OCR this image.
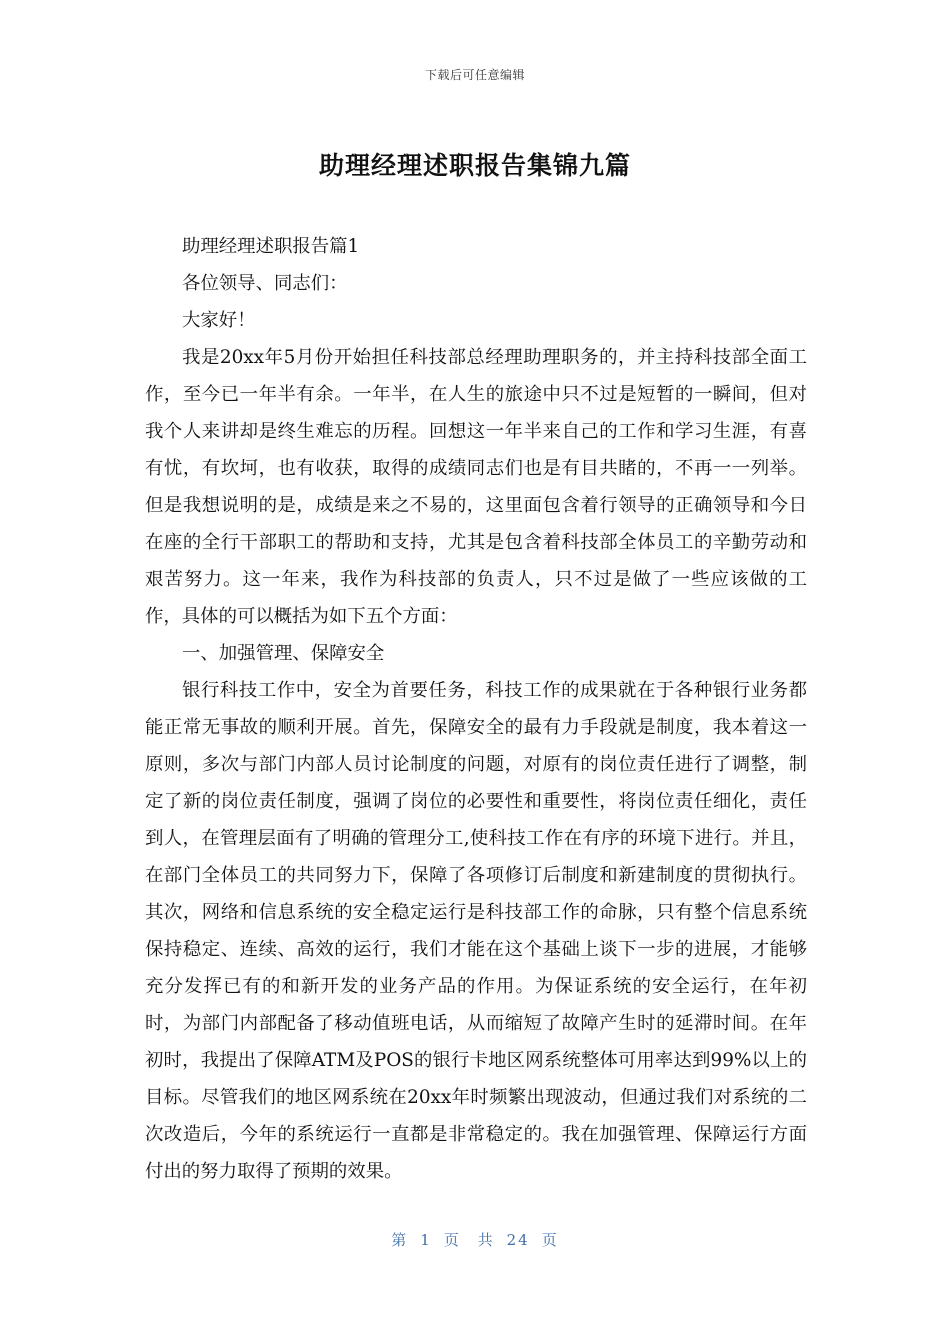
下载后可任意编辑
助理经理述职报告集锦九篇

助理经理述职报告篇1

各位领导、同志们：

大家好！

我是20xx年5月份开始担任科技部总经理助理职务的，并主持科技部全面工作，至今已一年半有余。一年半，在人生的旅途中只不过是短暂的一瞬间，但对我个人来讲却是终生难忘的历程。回想这一年半来自己的工作和学习生涯，有喜有忧，有坎坷，也有收获，取得的成绩同志们也是有目共睹的，不再一一列举。但是我想说明的是，成绩是来之不易的，这里面包含着行领导的正确领导和今日在座的全行干部职工的帮助和支持，尤其是包含着科技部全体员工的辛勤劳动和艰苦努力。这一年来，我作为科技部的负责人，只不过是做了一些应该做的工作，具体的可以概括为如下五个方面：

一、加强管理、保障安全

银行科技工作中，安全为首要任务，科技工作的成果就在于各种银行业务都能正常无事故的顺利开展。首先，保障安全的最有力手段就是制度，我本着这一原则，多次与部门内部人员讨论制度的问题，对原有的岗位责任进行了调整，制定了新的岗位责任制度，强调了岗位的必要性和重要性，将岗位责任细化，责任到人，在管理层面有了明确的管理分工,使科技工作在有序的环境下进行。并且，在部门全体员工的共同努力下，保障了各项修订后制度和新建制度的贯彻执行。其次，网络和信息系统的安全稳定运行是科技部工作的命脉，只有整个信息系统保持稳定、连续、高效的运行，我们才能在这个基础上谈下一步的进展，才能够充分发挥已有的和新开发的业务产品的作用。为保证系统的安全运行，在年初时，为部门内部配备了移动值班电话，从而缩短了故障产生时的延滞时间。在年初时，我提出了保障ATM及POS的银行卡地区网系统整体可用率达到99%以上的目标。尽管我们的地区网系统在20xx年时频繁出现波动，但通过我们对系统的二次改造后，今年的系统运行一直都是非常稳定的。我在加强管理、保障运行方面付出的努力取得了预期的效果。

第 1 页 共 24 页
